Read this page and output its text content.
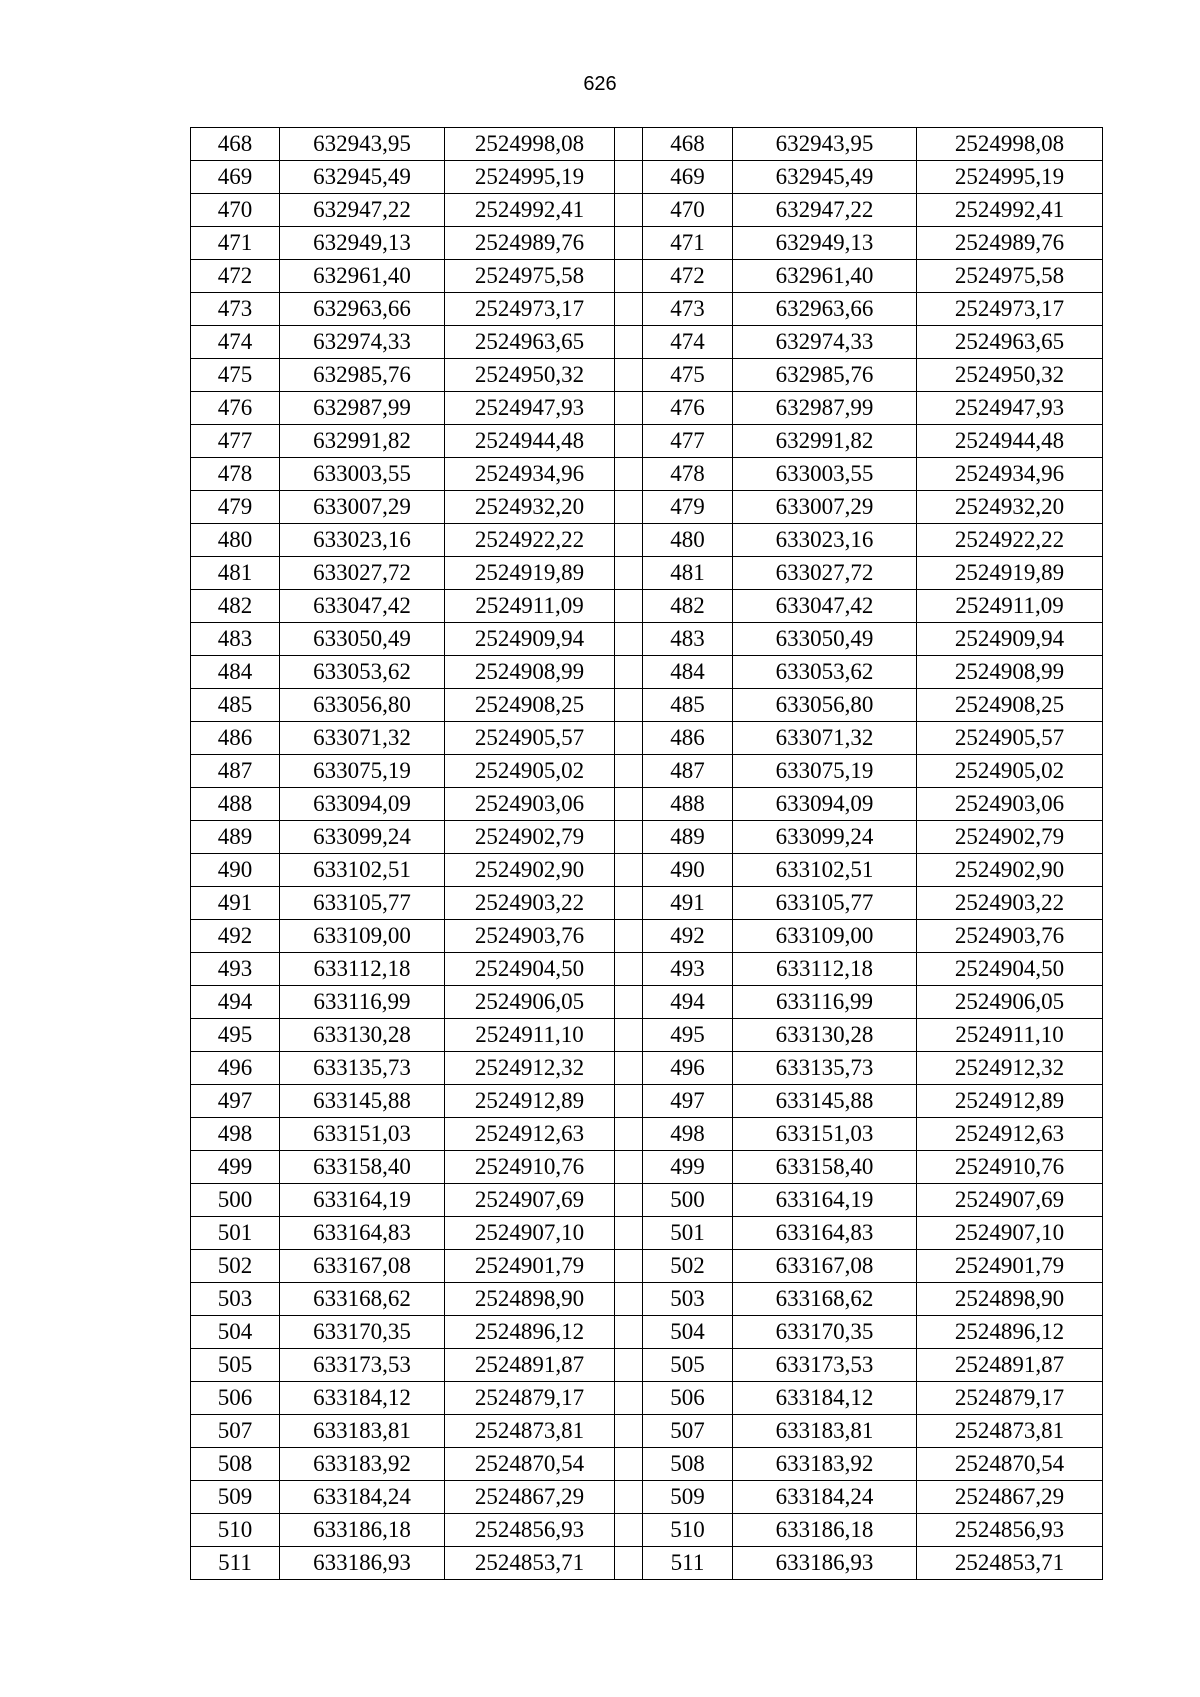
626
468	632943,95	2524998,08		468	632943,95	2524998,08
469	632945,49	2524995,19		469	632945,49	2524995,19
470	632947,22	2524992,41		470	632947,22	2524992,41
471	632949,13	2524989,76		471	632949,13	2524989,76
472	632961,40	2524975,58		472	632961,40	2524975,58
473	632963,66	2524973,17		473	632963,66	2524973,17
474	632974,33	2524963,65		474	632974,33	2524963,65
475	632985,76	2524950,32		475	632985,76	2524950,32
476	632987,99	2524947,93		476	632987,99	2524947,93
477	632991,82	2524944,48		477	632991,82	2524944,48
478	633003,55	2524934,96		478	633003,55	2524934,96
479	633007,29	2524932,20		479	633007,29	2524932,20
480	633023,16	2524922,22		480	633023,16	2524922,22
481	633027,72	2524919,89		481	633027,72	2524919,89
482	633047,42	2524911,09		482	633047,42	2524911,09
483	633050,49	2524909,94		483	633050,49	2524909,94
484	633053,62	2524908,99		484	633053,62	2524908,99
485	633056,80	2524908,25		485	633056,80	2524908,25
486	633071,32	2524905,57		486	633071,32	2524905,57
487	633075,19	2524905,02		487	633075,19	2524905,02
488	633094,09	2524903,06		488	633094,09	2524903,06
489	633099,24	2524902,79		489	633099,24	2524902,79
490	633102,51	2524902,90		490	633102,51	2524902,90
491	633105,77	2524903,22		491	633105,77	2524903,22
492	633109,00	2524903,76		492	633109,00	2524903,76
493	633112,18	2524904,50		493	633112,18	2524904,50
494	633116,99	2524906,05		494	633116,99	2524906,05
495	633130,28	2524911,10		495	633130,28	2524911,10
496	633135,73	2524912,32		496	633135,73	2524912,32
497	633145,88	2524912,89		497	633145,88	2524912,89
498	633151,03	2524912,63		498	633151,03	2524912,63
499	633158,40	2524910,76		499	633158,40	2524910,76
500	633164,19	2524907,69		500	633164,19	2524907,69
501	633164,83	2524907,10		501	633164,83	2524907,10
502	633167,08	2524901,79		502	633167,08	2524901,79
503	633168,62	2524898,90		503	633168,62	2524898,90
504	633170,35	2524896,12		504	633170,35	2524896,12
505	633173,53	2524891,87		505	633173,53	2524891,87
506	633184,12	2524879,17		506	633184,12	2524879,17
507	633183,81	2524873,81		507	633183,81	2524873,81
508	633183,92	2524870,54		508	633183,92	2524870,54
509	633184,24	2524867,29		509	633184,24	2524867,29
510	633186,18	2524856,93		510	633186,18	2524856,93
511	633186,93	2524853,71		511	633186,93	2524853,71
